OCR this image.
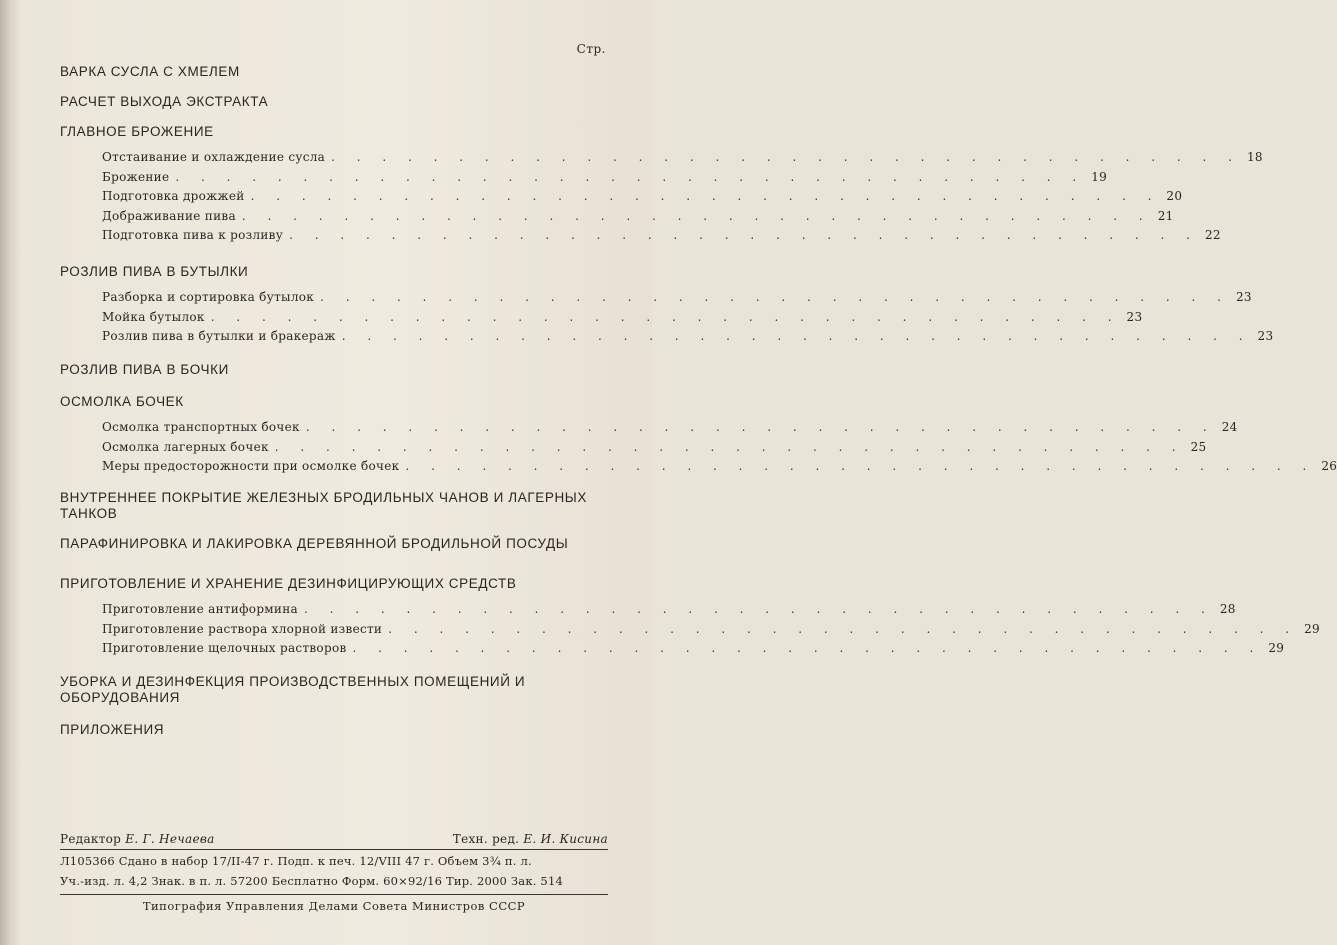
Стр.
ВАРКА СУСЛА С ХМЕЛЕМ
РАСЧЕТ ВЫХОДА ЭКСТРАКТА
ГЛАВНОЕ БРОЖЕНИЕ
Отстаивание и охлаждение сусла . . . . . . . . . . . . . . . . . . . . . . . . . . . . . . . . . . . . 18
Брожение . . . . . . . . . . . . . . . . . . . . . . . . . . . . . . . . . . . . 19
Подготовка дрожжей . . . . . . . . . . . . . . . . . . . . . . . . . . . . . . . . . . . . 20
Дображивание пива . . . . . . . . . . . . . . . . . . . . . . . . . . . . . . . . . . . . 21
Подготовка пива к розливу . . . . . . . . . . . . . . . . . . . . . . . . . . . . . . . . . . . . 22
РОЗЛИВ ПИВА В БУТЫЛКИ
Разборка и сортировка бутылок . . . . . . . . . . . . . . . . . . . . . . . . . . . . . . . . . . . . 23
Мойка бутылок . . . . . . . . . . . . . . . . . . . . . . . . . . . . . . . . . . . . 23
Розлив пива в бутылки и бракераж . . . . . . . . . . . . . . . . . . . . . . . . . . . . . . . . . . . . 23
РОЗЛИВ ПИВА В БОЧКИ
ОСМОЛКА БОЧЕК
Осмолка транспортных бочек . . . . . . . . . . . . . . . . . . . . . . . . . . . . . . . . . . . . 24
Осмолка лагерных бочек . . . . . . . . . . . . . . . . . . . . . . . . . . . . . . . . . . . . 25
Меры предосторожности при осмолке бочек . . . . . . . . . . . . . . . . . . . . . . . . . . . . . . . . . . . . 26
ВНУТРЕННЕЕ ПОКРЫТИЕ ЖЕЛЕЗНЫХ БРОДИЛЬНЫХ ЧАНОВ И ЛАГЕРНЫХ ТАНКОВ
ПАРАФИНИРОВКА И ЛАКИРОВКА ДЕРЕВЯННОЙ БРОДИЛЬНОЙ ПОСУДЫ
ПРИГОТОВЛЕНИЕ И ХРАНЕНИЕ ДЕЗИНФИЦИРУЮЩИХ СРЕДСТВ
Приготовление антиформина . . . . . . . . . . . . . . . . . . . . . . . . . . . . . . . . . . . . 28
Приготовление раствора хлорной извести . . . . . . . . . . . . . . . . . . . . . . . . . . . . . . . . . . . . 29
Приготовление щелочных растворов . . . . . . . . . . . . . . . . . . . . . . . . . . . . . . . . . . . . 29
УБОРКА И ДЕЗИНФЕКЦИЯ ПРОИЗВОДСТВЕННЫХ ПОМЕЩЕНИЙ И ОБОРУДОВАНИЯ
ПРИЛОЖЕНИЯ
Редактор Е. Г. Нечаева	Техн. ред. Е. И. Кисина
Л105366 Сдано в набор 17/II-47 г. Подп. к печ. 12/VIII 47 г. Объем 3¾ п. л.
Уч.-изд. л. 4,2 Знак. в п. л. 57200 Бесплатно Форм. 60×92/16 Тир. 2000 Зак. 514
Типография Управления Делами Совета Министров СССР
